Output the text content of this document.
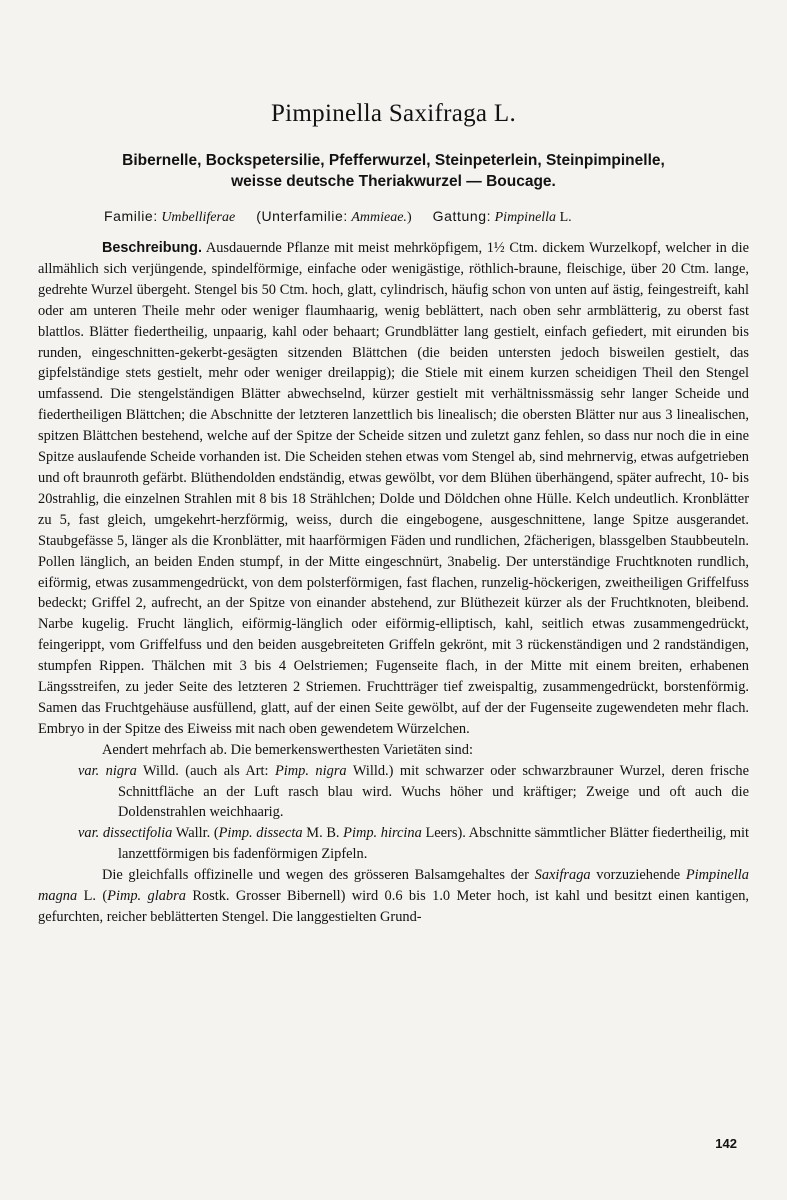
Pimpinella Saxifraga L.
Bibernelle, Bockspetersilie, Pfefferwurzel, Steinpeterlein, Steinpimpinelle,
weisse deutsche Theriakwurzel — Boucage.
Familie: Umbelliferae (Unterfamilie: Ammieae.) Gattung: Pimpinella L.

Beschreibung. Ausdauernde Pflanze mit meist mehrköpfigem, 1½ Ctm. dickem Wurzelkopf, welcher in die allmählich sich verjüngende, spindelförmige, einfache oder wenigästige, röthlich-braune, fleischige, über 20 Ctm. lange, gedrehte Wurzel übergeht. Stengel bis 50 Ctm. hoch, glatt, cylindrisch, häufig schon von unten auf ästig, feingestreift, kahl oder am unteren Theile mehr oder weniger flaumhaarig, wenig beblättert, nach oben sehr armblätterig, zu oberst fast blattlos. Blätter fiedertheilig, unpaarig, kahl oder behaart; Grundblätter lang gestielt, einfach gefiedert, mit eirunden bis runden, eingeschnitten-gekerbt-gesägten sitzenden Blättchen (die beiden untersten jedoch bisweilen gestielt, das gipfelständige stets gestielt, mehr oder weniger dreilappig); die Stiele mit einem kurzen scheidigen Theil den Stengel umfassend. Die stengelständigen Blätter abwechselnd, kürzer gestielt mit verhältnissmässig sehr langer Scheide und fiedertheiligen Blättchen; die Abschnitte der letzteren lanzettlich bis linealisch; die obersten Blätter nur aus 3 linealischen, spitzen Blättchen bestehend, welche auf der Spitze der Scheide sitzen und zuletzt ganz fehlen, so dass nur noch die in eine Spitze auslaufende Scheide vorhanden ist. Die Scheiden stehen etwas vom Stengel ab, sind mehrnervig, etwas aufgetrieben und oft braunroth gefärbt. Blüthendolden endständig, etwas gewölbt, vor dem Blühen überhängend, später aufrecht, 10- bis 20strahlig, die einzelnen Strahlen mit 8 bis 18 Strählchen; Dolde und Döldchen ohne Hülle. Kelch undeutlich. Kronblätter zu 5, fast gleich, umgekehrt-herzförmig, weiss, durch die eingebogene, ausgeschnittene, lange Spitze ausgerandet. Staubgefässe 5, länger als die Kronblätter, mit haarförmigen Fäden und rundlichen, 2fächerigen, blassgelben Staubbeuteln. Pollen länglich, an beiden Enden stumpf, in der Mitte eingeschnürt, 3nabelig. Der unterständige Fruchtknoten rundlich, eiförmig, etwas zusammengedrückt, von dem polsterförmigen, fast flachen, runzelig-höckerigen, zweitheiligen Griffelfuss bedeckt; Griffel 2, aufrecht, an der Spitze von einander abstehend, zur Blüthezeit kürzer als der Fruchtknoten, bleibend. Narbe kugelig. Frucht länglich, eiförmig-länglich oder eiförmig-elliptisch, kahl, seitlich etwas zusammengedrückt, feingerippt, vom Griffelfuss und den beiden ausgebreiteten Griffeln gekrönt, mit 3 rückenständigen und 2 randständigen, stumpfen Rippen. Thälchen mit 3 bis 4 Oelstriemen; Fugenseite flach, in der Mitte mit einem breiten, erhabenen Längsstreifen, zu jeder Seite des letzteren 2 Striemen. Fruchtträger tief zweispaltig, zusammengedrückt, borstenförmig. Samen das Fruchtgehäuse ausfüllend, glatt, auf der einen Seite gewölbt, auf der der Fugenseite zugewendeten mehr flach. Embryo in der Spitze des Eiweiss mit nach oben gewendetem Würzelchen.

Aendert mehrfach ab. Die bemerkenswerthesten Varietäten sind:

var. nigra Willd. (auch als Art: Pimp. nigra Willd.) mit schwarzer oder schwarzbrauner Wurzel, deren frische Schnittfläche an der Luft rasch blau wird. Wuchs höher und kräftiger; Zweige und oft auch die Doldenstrahlen weichhaarig.

var. dissectifolia Wallr. (Pimp. dissecta M. B. Pimp. hircina Leers). Abschnitte sämmtlicher Blätter fiedertheilig, mit lanzettförmigen bis fadenförmigen Zipfeln.

Die gleichfalls offizinelle und wegen des grösseren Balsamgehaltes der Saxifraga vorzuziehende Pimpinella magna L. (Pimp. glabra Rostk. Grosser Bibernell) wird 0.6 bis 1.0 Meter hoch, ist kahl und besitzt einen kantigen, gefurchten, reicher beblätterten Stengel. Die langgestielten Grund-

142
